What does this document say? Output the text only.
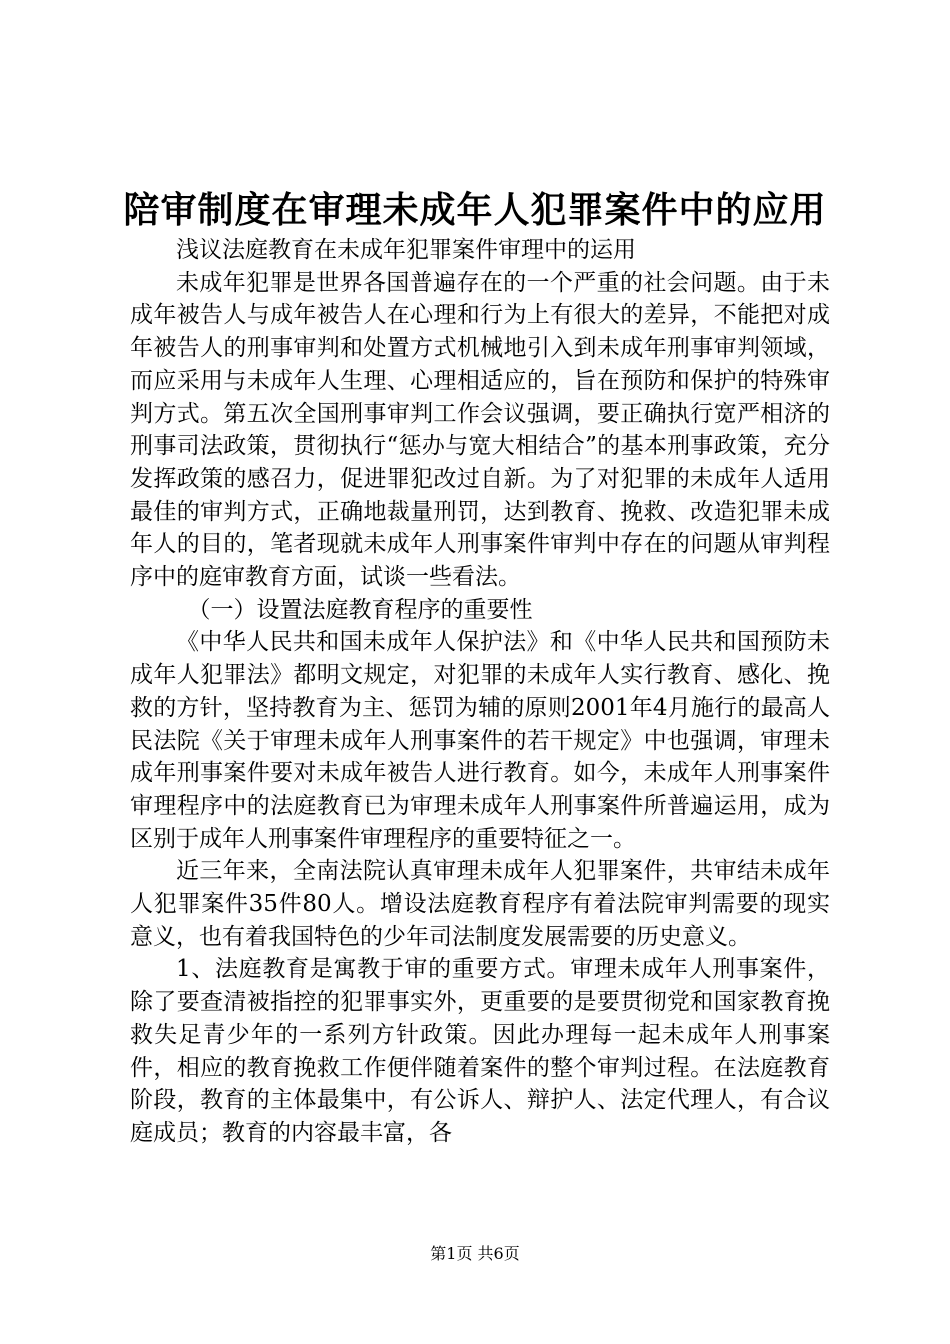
陪审制度在审理未成年人犯罪案件中的应用

浅议法庭教育在未成年犯罪案件审理中的运用

未成年犯罪是世界各国普遍存在的一个严重的社会问题。由于未成年被告人与成年被告人在心理和行为上有很大的差异，不能把对成年被告人的刑事审判和处置方式机械地引入到未成年刑事审判领域，而应采用与未成年人生理、心理相适应的，旨在预防和保护的特殊审判方式。第五次全国刑事审判工作会议强调，要正确执行宽严相济的刑事司法政策，贯彻执行“惩办与宽大相结合”的基本刑事政策，充分发挥政策的感召力，促进罪犯改过自新。为了对犯罪的未成年人适用最佳的审判方式，正确地裁量刑罚，达到教育、挽救、改造犯罪未成年人的目的，笔者现就未成年人刑事案件审判中存在的问题从审判程序中的庭审教育方面，试谈一些看法。

（一）设置法庭教育程序的重要性

《中华人民共和国未成年人保护法》和《中华人民共和国预防未成年人犯罪法》都明文规定，对犯罪的未成年人实行教育、感化、挽救的方针，坚持教育为主、惩罚为辅的原则2001年4月施行的最高人民法院《关于审理未成年人刑事案件的若干规定》中也强调，审理未成年刑事案件要对未成年被告人进行教育。如今，未成年人刑事案件审理程序中的法庭教育已为审理未成年人刑事案件所普遍运用，成为区别于成年人刑事案件审理程序的重要特征之一。

近三年来，全南法院认真审理未成年人犯罪案件，共审结未成年人犯罪案件35件80人。增设法庭教育程序有着法院审判需要的现实意义，也有着我国特色的少年司法制度发展需要的历史意义。

1、法庭教育是寓教于审的重要方式。审理未成年人刑事案件，除了要查清被指控的犯罪事实外，更重要的是要贯彻党和国家教育挽救失足青少年的一系列方针政策。因此办理每一起未成年人刑事案件，相应的教育挽救工作便伴随着案件的整个审判过程。在法庭教育阶段，教育的主体最集中，有公诉人、辩护人、法定代理人，有合议庭成员；教育的内容最丰富，各

第1页 共6页
